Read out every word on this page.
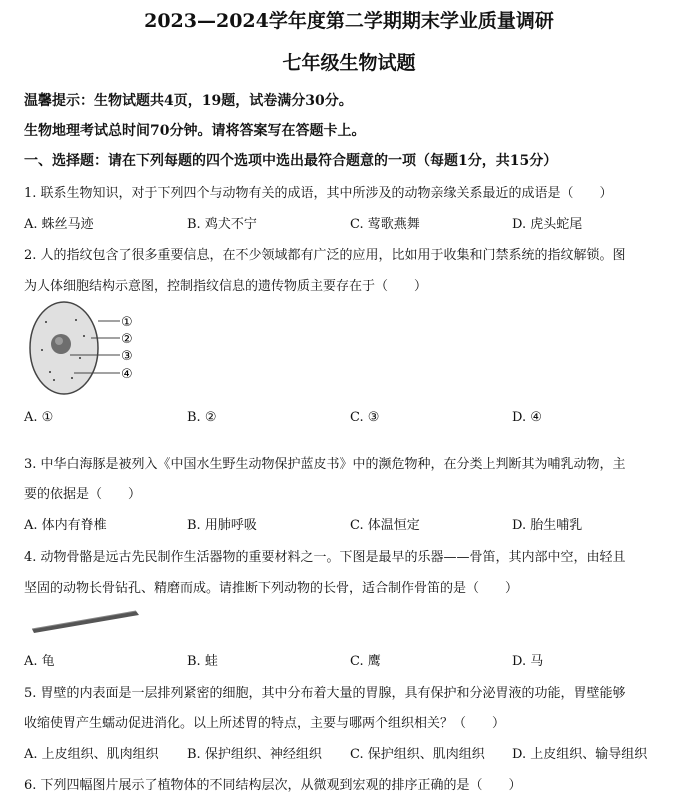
2023—2024学年度第二学期期末学业质量调研
七年级生物试题
温馨提示：生物试题共4页，19题，试卷满分30分。
生物地理考试总时间70分钟。请将答案写在答题卡上。
一、选择题：请在下列每题的四个选项中选出最符合题意的一项（每题1分，共15分）
1. 联系生物知识，对于下列四个与动物有关的成语，其中所涉及的动物亲缘关系最近的成语是（　　）
A. 蛛丝马迹	B. 鸡犬不宁	C. 莺歌燕舞	D. 虎头蛇尾
2. 人的指纹包含了很多重要信息，在不少领域都有广泛的应用，比如用于收集和门禁系统的指纹解锁。图
为人体细胞结构示意图，控制指纹信息的遗传物质主要存在于（　　）
①
②
③
④
A. ①	B. ②	C. ③	D. ④
3. 中华白海豚是被列入《中国水生野生动物保护蓝皮书》中的濒危物种，在分类上判断其为哺乳动物，主
要的依据是（　　）
A. 体内有脊椎	B. 用肺呼吸	C. 体温恒定	D. 胎生哺乳
4. 动物骨骼是远古先民制作生活器物的重要材料之一。下图是最早的乐器——骨笛，其内部中空，由轻且
坚固的动物长骨钻孔、精磨而成。请推断下列动物的长骨，适合制作骨笛的是（　　）
A. 龟	B. 蛙	C. 鹰	D. 马
5. 胃壁的内表面是一层排列紧密的细胞，其中分布着大量的胃腺，具有保护和分泌胃液的功能，胃壁能够
收缩使胃产生蠕动促进消化。以上所述胃的特点，主要与哪两个组织相关？（　　）
A. 上皮组织、肌肉组织 B. 保护组织、神经组织 C. 保护组织、肌肉组织 D. 上皮组织、输导组织
6. 下列四幅图片展示了植物体的不同结构层次，从微观到宏观的排序正确的是（　　）
